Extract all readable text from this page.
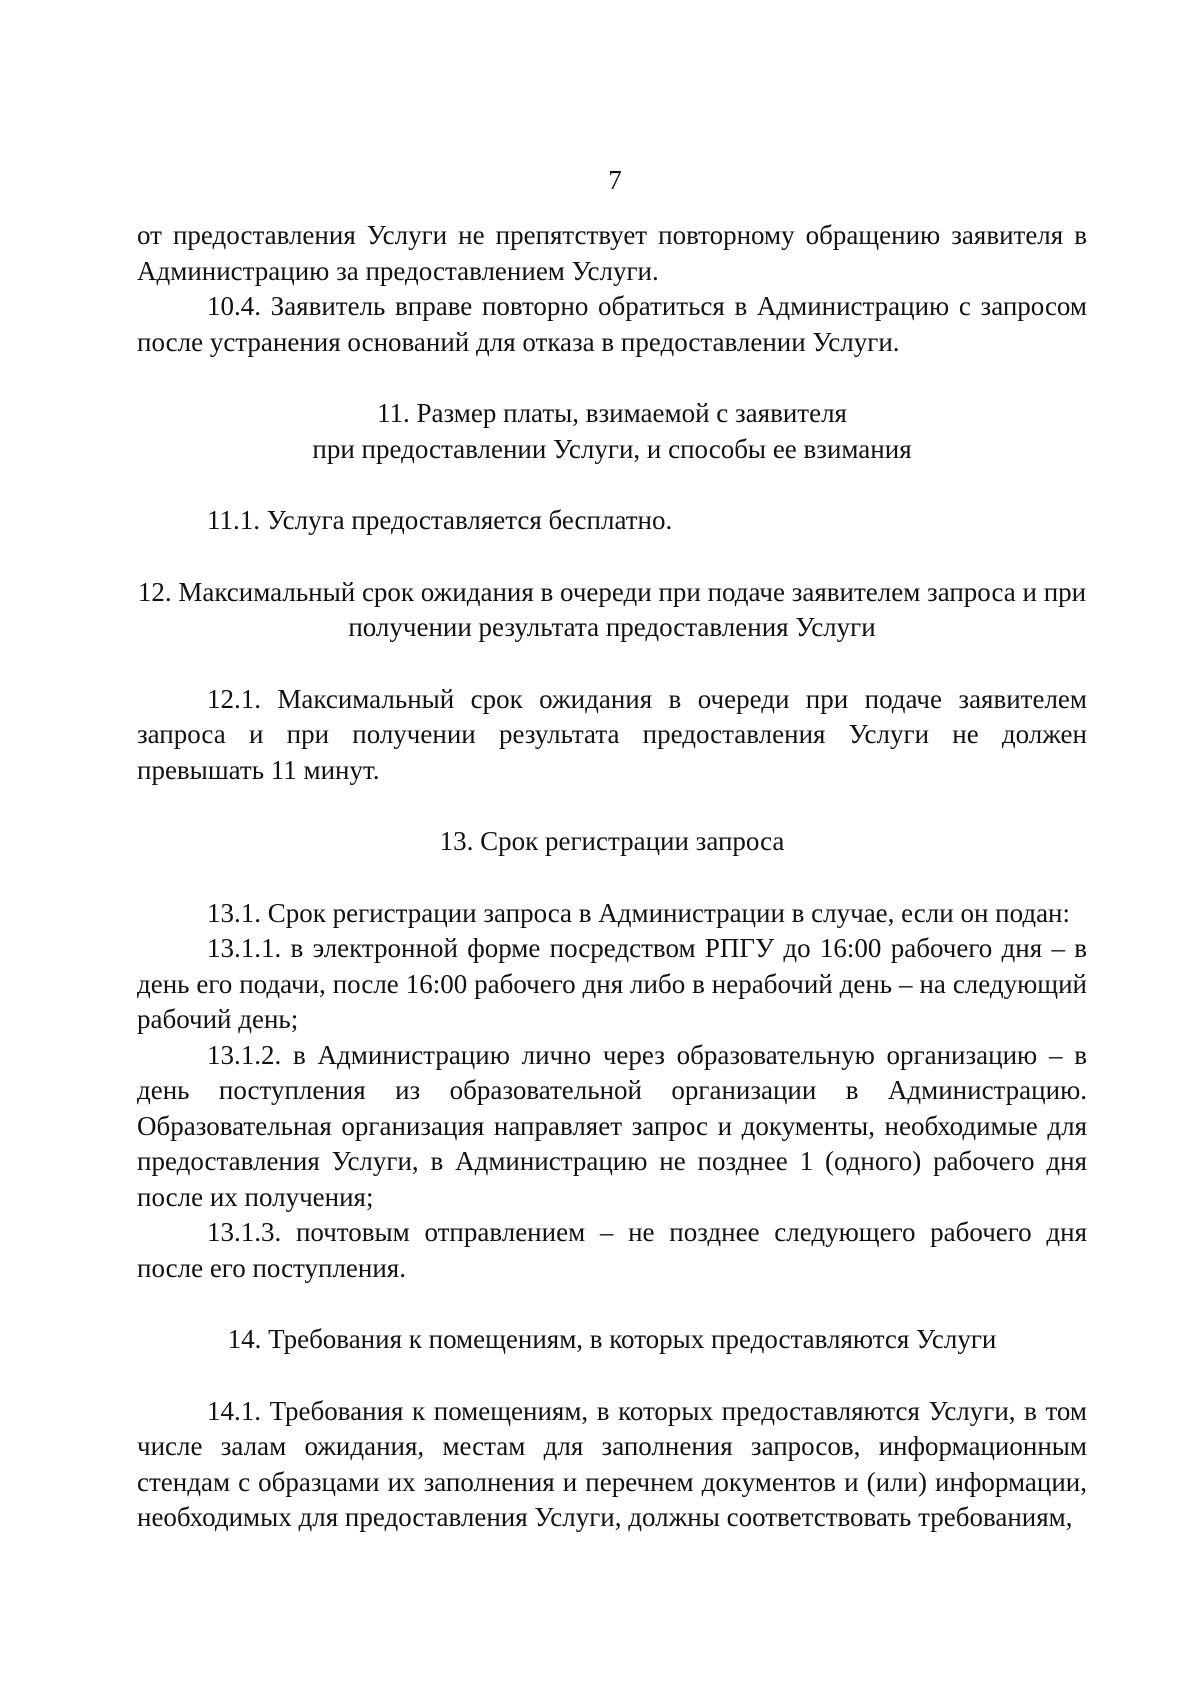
7

от предоставления Услуги не препятствует повторному обращению заявителя в Администрацию за предоставлением Услуги.

10.4. Заявитель вправе повторно обратиться в Администрацию с запросом после устранения оснований для отказа в предоставлении Услуги.

11. Размер платы, взимаемой с заявителя
при предоставлении Услуги, и способы ее взимания

11.1. Услуга предоставляется бесплатно.

12. Максимальный срок ожидания в очереди при подаче заявителем запроса и при
получении результата предоставления Услуги

12.1. Максимальный срок ожидания в очереди при подаче заявителем запроса и при получении результата предоставления Услуги не должен превышать 11 минут.

13. Срок регистрации запроса

13.1. Срок регистрации запроса в Администрации в случае, если он подан:

13.1.1. в электронной форме посредством РПГУ до 16:00 рабочего дня – в день его подачи, после 16:00 рабочего дня либо в нерабочий день – на следующий рабочий день;

13.1.2. в Администрацию лично через образовательную организацию – в день поступления из образовательной организации в Администрацию. Образовательная организация направляет запрос и документы, необходимые для предоставления Услуги, в Администрацию не позднее 1 (одного) рабочего дня после их получения;

13.1.3. почтовым отправлением – не позднее следующего рабочего дня после его поступления.

14. Требования к помещениям, в которых предоставляются Услуги

14.1. Требования к помещениям, в которых предоставляются Услуги, в том числе залам ожидания, местам для заполнения запросов, информационным стендам с образцами их заполнения и перечнем документов и (или) информации, необходимых для предоставления Услуги, должны соответствовать требованиям,
